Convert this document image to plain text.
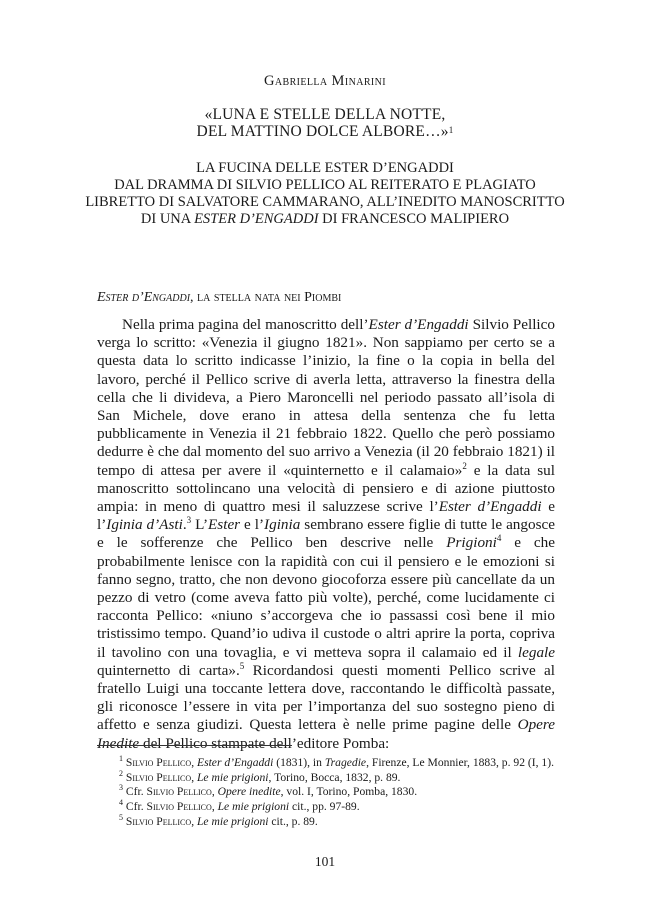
Gabriella Minarini
«LUNA E STELLE DELLA NOTTE,
DEL MATTINO DOLCE ALBORE…»$^1$
LA FUCINA DELLE ESTER D’ENGADDI
DAL DRAMMA DI SILVIO PELLICO AL REITERATO E PLAGIATO
LIBRETTO DI SALVATORE CAMMARANO, ALL’INEDITO MANOSCRITTO
DI UNA ESTER D’ENGADDI DI FRANCESCO MALIPIERO
Ester d’Engaddi, la stella nata nei Piombi

Nella prima pagina del manoscritto dell’Ester d’Engaddi Silvio Pellico verga lo scritto: «Venezia il giugno 1821». Non sappiamo per certo se a questa data lo scritto indicasse l’inizio, la fine o la copia in bella del lavoro, perché il Pellico scrive di averla letta, attraverso la finestra della cella che li divideva, a Piero Maroncelli nel periodo passato all’isola di San Michele, dove erano in attesa della sentenza che fu letta pubblicamente in Venezia il 21 febbraio 1822. Quello che però possiamo dedurre è che dal momento del suo arrivo a Venezia (il 20 febbraio 1821) il tempo di attesa per avere il «quinternetto e il calamaio»$^2$ e la data sul manoscritto sottolincano una velocità di pensiero e di azione piuttosto ampia: in meno di quattro mesi il saluzzese scrive l’Ester d’Engaddi e l’Iginia d’Asti.$^3$ L’Ester e l’Iginia sembrano essere figlie di tutte le angosce e le sofferenze che Pellico ben descrive nelle Prigioni$^4$ e che probabilmente lenisce con la rapidità con cui il pensiero e le emozioni si fanno segno, tratto, che non devono giocoforza essere più cancellate da un pezzo di vetro (come aveva fatto più volte), perché, come lucidamente ci racconta Pellico: «niuno s’accorgeva che io passassi così bene il mio tristissimo tempo. Quand’io udiva il custode o altri aprire la porta, copriva il tavolino con una tovaglia, e vi metteva sopra il calamaio ed il legale quinternetto di carta».$^5$ Ricordandosi questi momenti Pellico scrive al fratello Luigi una toccante lettera dove, raccontando le difficoltà passate, gli riconosce l’essere in vita per l’importanza del suo sostegno pieno di affetto e senza giudizi. Questa lettera è nelle prime pagine delle Opere Inedite del Pellico stampate dell’editore Pomba:

$^1$ Silvio Pellico, Ester d’Engaddi (1831), in Tragedie, Firenze, Le Monnier, 1883, p. 92 (I, 1).

$^2$ Silvio Pellico, Le mie prigioni, Torino, Bocca, 1832, p. 89.

$^3$ Cfr. Silvio Pellico, Opere inedite, vol. I, Torino, Pomba, 1830.

$^4$ Cfr. Silvio Pellico, Le mie prigioni cit., pp. 97-89.

$^5$ Silvio Pellico, Le mie prigioni cit., p. 89.

101
